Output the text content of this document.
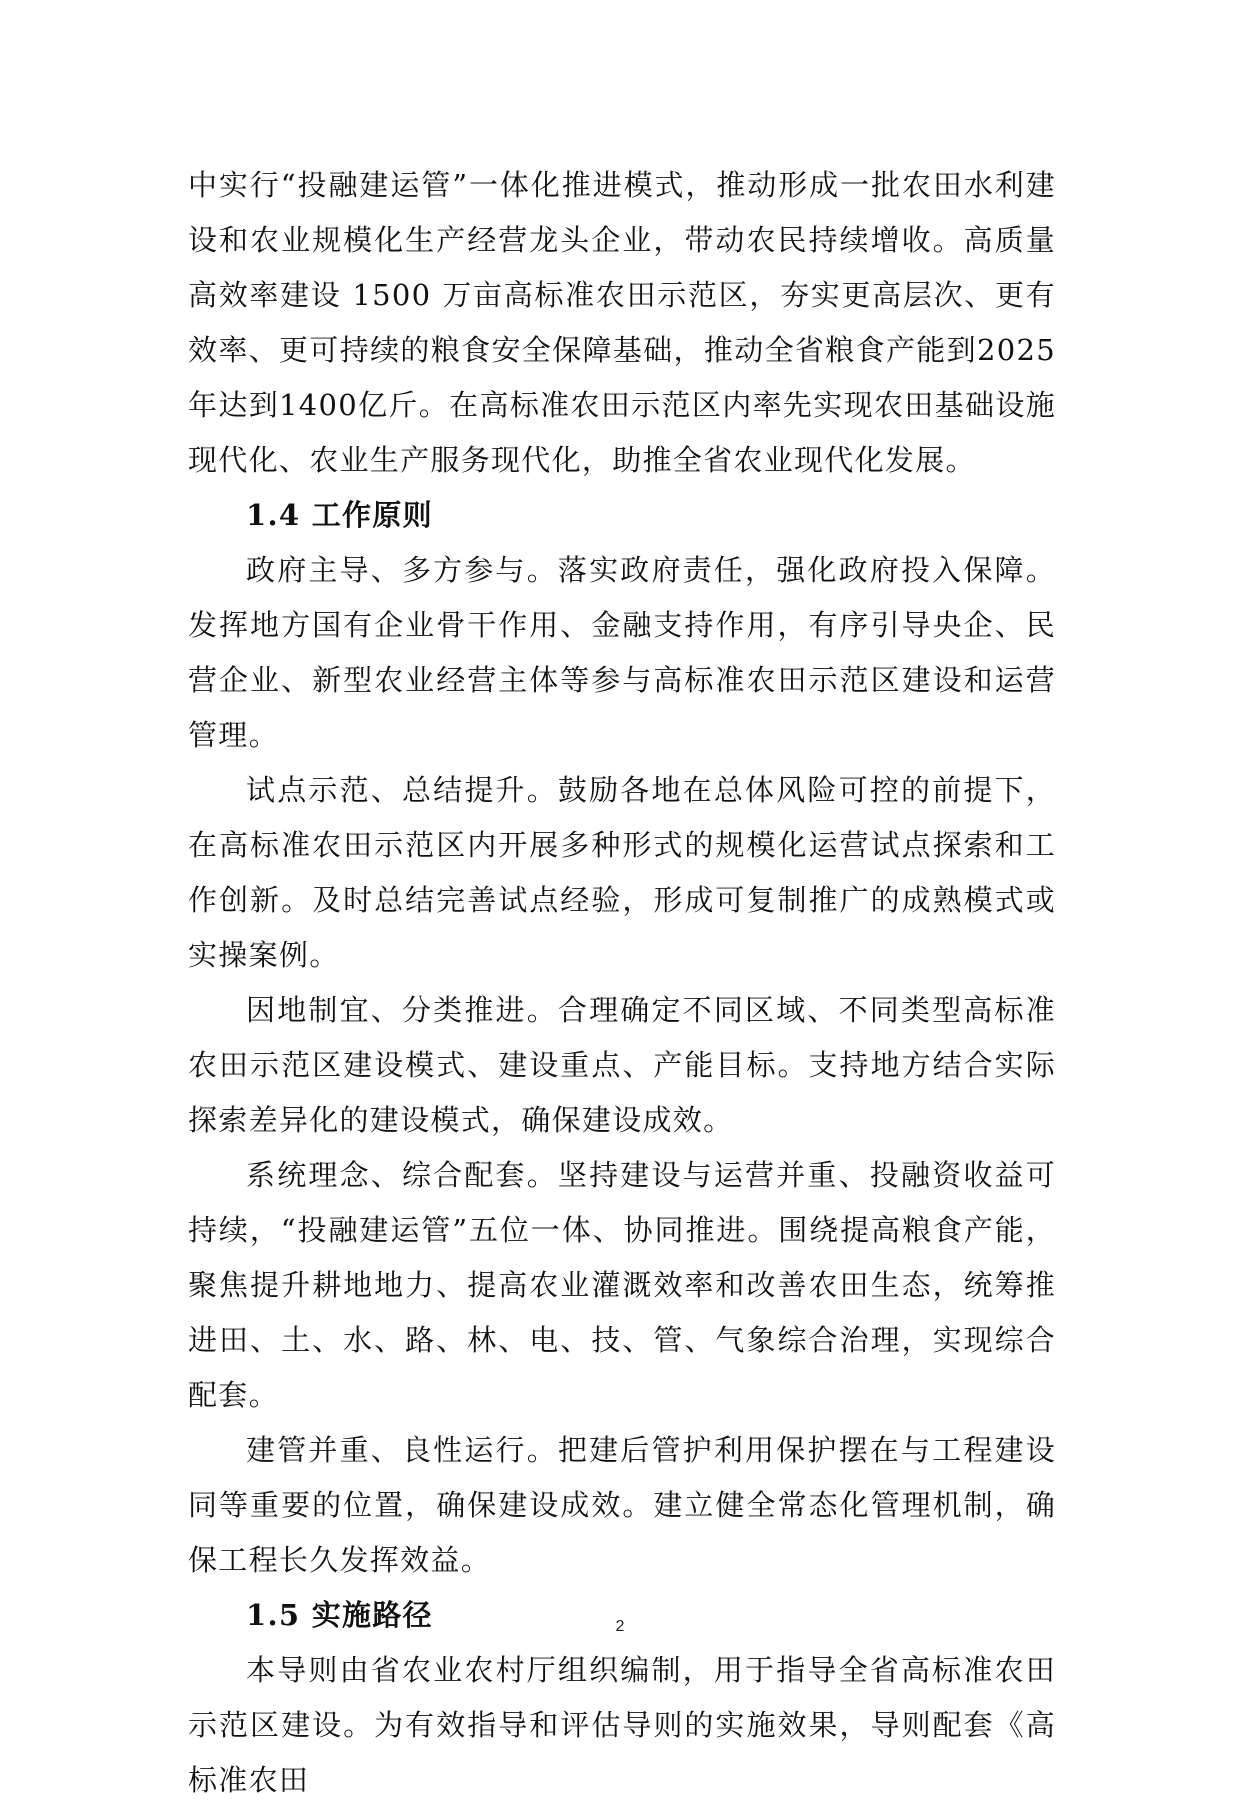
中实行“投融建运管”一体化推进模式，推动形成一批农田水利建设和农业规模化生产经营龙头企业，带动农民持续增收。高质量高效率建设 1500 万亩高标准农田示范区，夯实更高层次、更有效率、更可持续的粮食安全保障基础，推动全省粮食产能到2025年达到1400亿斤。在高标准农田示范区内率先实现农田基础设施现代化、农业生产服务现代化，助推全省农业现代化发展。

1.4 工作原则

政府主导、多方参与。落实政府责任，强化政府投入保障。发挥地方国有企业骨干作用、金融支持作用，有序引导央企、民营企业、新型农业经营主体等参与高标准农田示范区建设和运营管理。

试点示范、总结提升。鼓励各地在总体风险可控的前提下，在高标准农田示范区内开展多种形式的规模化运营试点探索和工作创新。及时总结完善试点经验，形成可复制推广的成熟模式或实操案例。

因地制宜、分类推进。合理确定不同区域、不同类型高标准农田示范区建设模式、建设重点、产能目标。支持地方结合实际探索差异化的建设模式，确保建设成效。

系统理念、综合配套。坚持建设与运营并重、投融资收益可持续，“投融建运管”五位一体、协同推进。围绕提高粮食产能，聚焦提升耕地地力、提高农业灌溉效率和改善农田生态，统筹推进田、土、水、路、林、电、技、管、气象综合治理，实现综合配套。

建管并重、良性运行。把建后管护利用保护摆在与工程建设同等重要的位置，确保建设成效。建立健全常态化管理机制，确保工程长久发挥效益。

1.5 实施路径

本导则由省农业农村厅组织编制，用于指导全省高标准农田示范区建设。为有效指导和评估导则的实施效果，导则配套《高标准农田

2
